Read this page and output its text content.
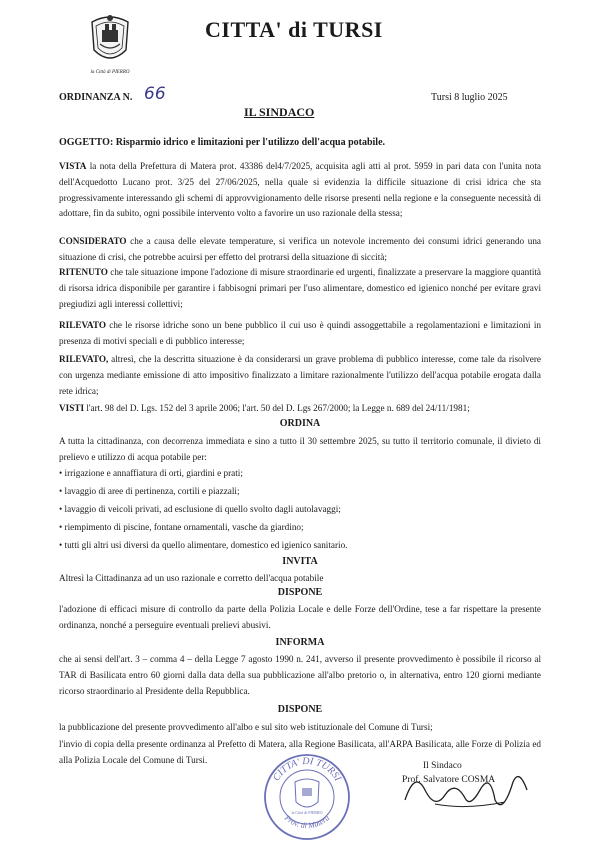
la Città di PIERRO
CITTA' di TURSI
ORDINANZA N. 66	Tursi 8 luglio 2025
IL SINDACO
OGGETTO: Risparmio idrico e limitazioni per l'utilizzo dell'acqua potabile.
VISTA la nota della Prefettura di Matera prot. 43386 del4/7/2025, acquisita agli atti al prot. 5959 in pari data con l'unita nota dell'Acquedotto Lucano prot. 3/25 del 27/06/2025, nella quale si evidenzia la difficile situazione di crisi idrica che sta progressivamente interessando gli schemi di approvvigionamento delle risorse presenti nella regione e la conseguente necessità di adottare, fin da subito, ogni possibile intervento volto a favorire un uso razionale della stessa;
CONSIDERATO che a causa delle elevate temperature, si verifica un notevole incremento dei consumi idrici generando una situazione di crisi, che potrebbe acuirsi per effetto del protrarsi della situazione di siccità;
RITENUTO che tale situazione impone l'adozione di misure straordinarie ed urgenti, finalizzate a preservare la maggiore quantità di risorsa idrica disponibile per garantire i fabbisogni primari per l'uso alimentare, domestico ed igienico nonché per evitare gravi pregiudizi agli interessi collettivi;
RILEVATO che le risorse idriche sono un bene pubblico il cui uso è quindi assoggettabile a regolamentazioni e limitazioni in presenza di motivi speciali e di pubblico interesse;
RILEVATO, altresì, che la descritta situazione è da considerarsi un grave problema di pubblico interesse, come tale da risolvere con urgenza mediante emissione di atto impositivo finalizzato a limitare razionalmente l'utilizzo dell'acqua potabile erogata dalla rete idrica;
VISTI l'art. 98 del D. Lgs. 152 del 3 aprile 2006; l'art. 50 del D. Lgs 267/2000; la Legge n. 689 del 24/11/1981;
ORDINA
A tutta la cittadinanza, con decorrenza immediata e sino a tutto il 30 settembre 2025, su tutto il territorio comunale, il divieto di prelievo e utilizzo di acqua potabile per:
• irrigazione e annaffiatura di orti, giardini e prati;
• lavaggio di aree di pertinenza, cortili e piazzali;
• lavaggio di veicoli privati, ad esclusione di quello svolto dagli autolavaggi;
• riempimento di piscine, fontane ornamentali, vasche da giardino;
• tutti gli altri usi diversi da quello alimentare, domestico ed igienico sanitario.
INVITA
Altresì la Cittadinanza ad un uso razionale e corretto dell'acqua potabile
DISPONE
l'adozione di efficaci misure di controllo da parte della Polizia Locale e delle Forze dell'Ordine, tese a far rispettare la presente ordinanza, nonché a perseguire eventuali prelievi abusivi.
INFORMA
che ai sensi dell'art. 3 – comma 4 – della Legge 7 agosto 1990 n. 241, avverso il presente provvedimento è possibile il ricorso al TAR di Basilicata entro 60 giorni dalla data della sua pubblicazione all'albo pretorio o, in alternativa, entro 120 giorni mediante ricorso straordinario al Presidente della Repubblica.
DISPONE
la pubblicazione del presente provvedimento all'albo e sul sito web istituzionale del Comune di Tursi;
l'invio di copia della presente ordinanza al Prefetto di Matera, alla Regione Basilicata, all'ARPA Basilicata, alle Forze di Polizia ed alla Polizia Locale del Comune di Tursi.
CITTA' DI TURSI
Prov. di Matera
la Città di PIERRO
Il Sindaco
Prof. Salvatore COSMA
